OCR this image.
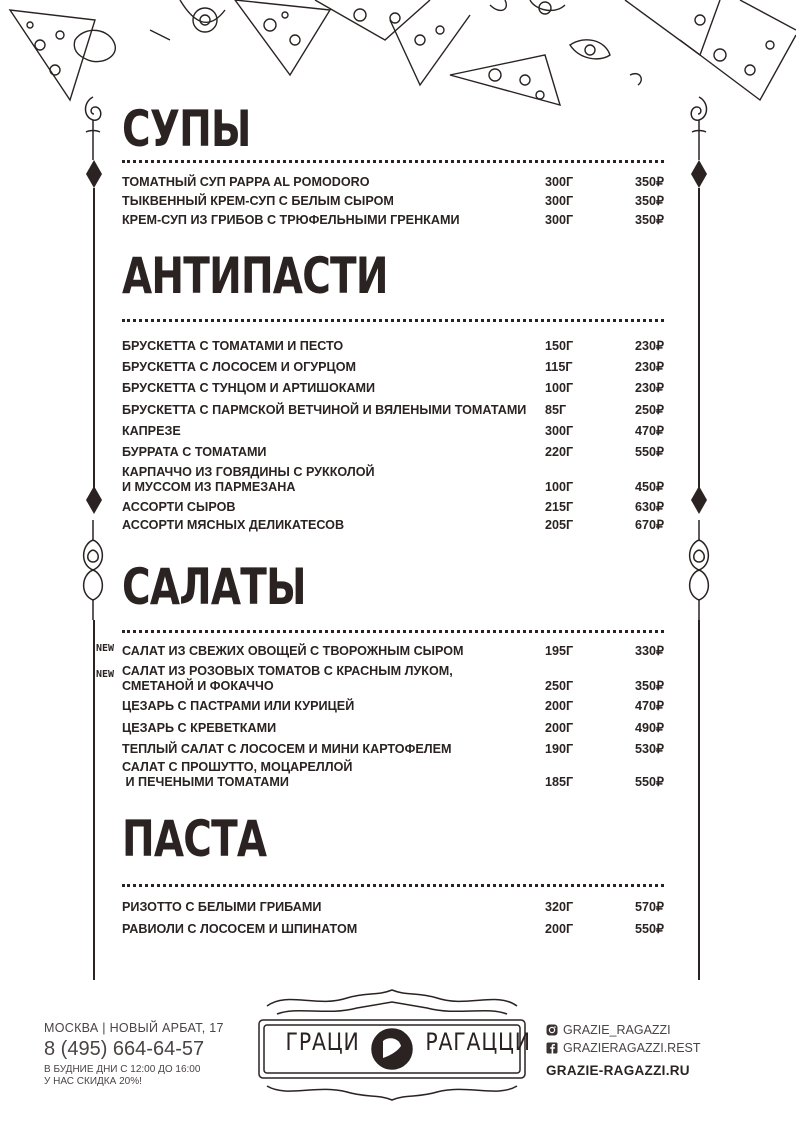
СУПЫ
ТОМАТНЫЙ СУП PAPPA AL POMODORO	300Г	350₽
ТЫКВЕННЫЙ КРЕМ-СУП С БЕЛЫМ СЫРОМ	300Г	350₽
КРЕМ-СУП ИЗ ГРИБОВ С ТРЮФЕЛЬНЫМИ ГРЕНКАМИ	300Г	350₽
АНТИПАСТИ
БРУСКЕТТА С ТОМАТАМИ И ПЕСТО	150Г	230₽
БРУСКЕТТА С ЛОСОСЕМ И ОГУРЦОМ	115Г	230₽
БРУСКЕТТА С ТУНЦОМ И АРТИШОКАМИ	100Г	230₽
БРУСКЕТТА С ПАРМСКОЙ ВЕТЧИНОЙ И ВЯЛЕНЫМИ ТОМАТАМИ 85Г	250₽
КАПРЕЗЕ	300Г	470₽
БУРРАТА С ТОМАТАМИ	220Г	550₽
КАРПАЧЧО ИЗ ГОВЯДИНЫ С РУККОЛОЙ
И МУССОМ ИЗ ПАРМЕЗАНА	100Г	450₽
АССОРТИ СЫРОВ	215Г	630₽
АССОРТИ МЯСНЫХ ДЕЛИКАТЕСОВ	205Г	670₽
САЛАТЫ
NEW САЛАТ ИЗ СВЕЖИХ ОВОЩЕЙ С ТВОРОЖНЫМ СЫРОМ	195Г	330₽
NEW САЛАТ ИЗ РОЗОВЫХ ТОМАТОВ С КРАСНЫМ ЛУКОМ,
СМЕТАНОЙ И ФОКАЧЧО	250Г	350₽
ЦЕЗАРЬ С ПАСТРАМИ ИЛИ КУРИЦЕЙ	200Г	470₽
ЦЕЗАРЬ С КРЕВЕТКАМИ	200Г	490₽
ТЕПЛЫЙ САЛАТ С ЛОСОСЕМ И МИНИ КАРТОФЕЛЕМ	190Г	530₽
САЛАТ С ПРОШУТТО, МОЦАРЕЛЛОЙ
И ПЕЧЕНЫМИ ТОМАТАМИ	185Г	550₽
ПАСТА
РИЗОТТО С БЕЛЫМИ ГРИБАМИ	320Г	570₽
РАВИОЛИ С ЛОСОСЕМ И ШПИНАТОМ	200Г	550₽
МОСКВА | НОВЫЙ АРБАТ, 17
8 (495) 664-64-57
В БУДНИЕ ДНИ С 12:00 ДО 16:00
У НАС СКИДКА 20%!
ГРАЦИ	РАГАЦЦИ	GRAZIE_RAGAZZI
GRAZIERAGAZZI.REST
GRAZIE-RAGAZZI.RU
